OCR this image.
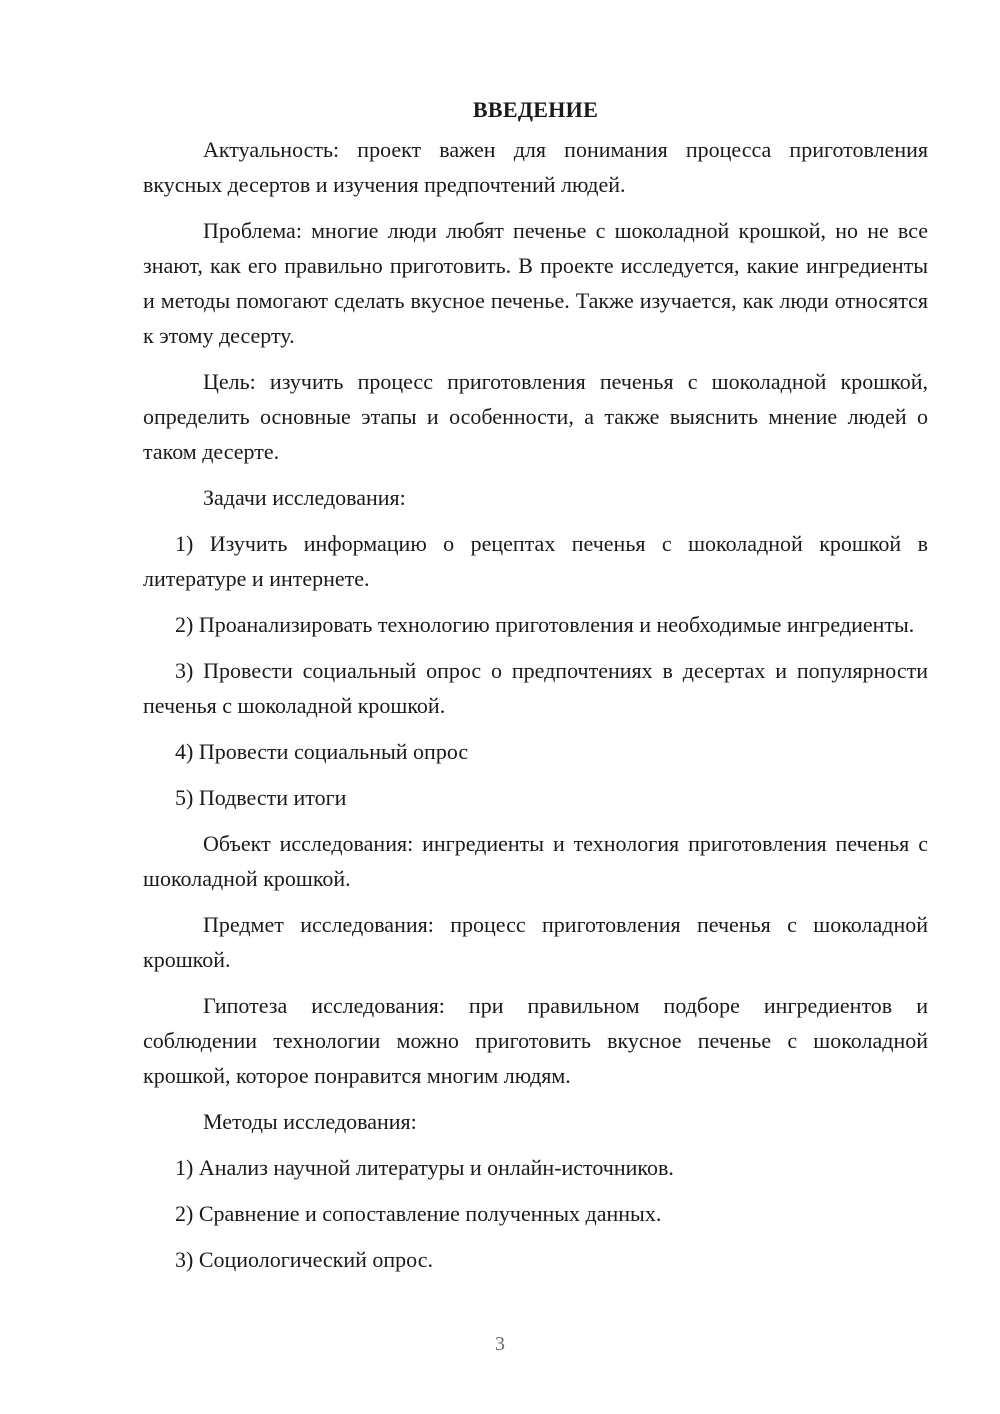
ВВЕДЕНИЕ

Актуальность: проект важен для понимания процесса приготовления вкусных десертов и изучения предпочтений людей.

Проблема: многие люди любят печенье с шоколадной крошкой, но не все знают, как его правильно приготовить. В проекте исследуется, какие ингредиенты и методы помогают сделать вкусное печенье. Также изучается, как люди относятся к этому десерту.

Цель: изучить процесс приготовления печенья с шоколадной крошкой, определить основные этапы и особенности, а также выяснить мнение людей о таком десерте.

Задачи исследования:

1) Изучить информацию о рецептах печенья с шоколадной крошкой в литературе и интернете.

2) Проанализировать технологию приготовления и необходимые ингредиенты.

3) Провести социальный опрос о предпочтениях в десертах и популярности печенья с шоколадной крошкой.

4) Провести социальный опрос

5) Подвести итоги

Объект исследования: ингредиенты и технология приготовления печенья с шоколадной крошкой.

Предмет исследования: процесс приготовления печенья с шоколадной крошкой.

Гипотеза исследования: при правильном подборе ингредиентов и соблюдении технологии можно приготовить вкусное печенье с шоколадной крошкой, которое понравится многим людям.

Методы исследования:

1) Анализ научной литературы и онлайн-источников.

2) Сравнение и сопоставление полученных данных.

3) Социологический опрос.

3
